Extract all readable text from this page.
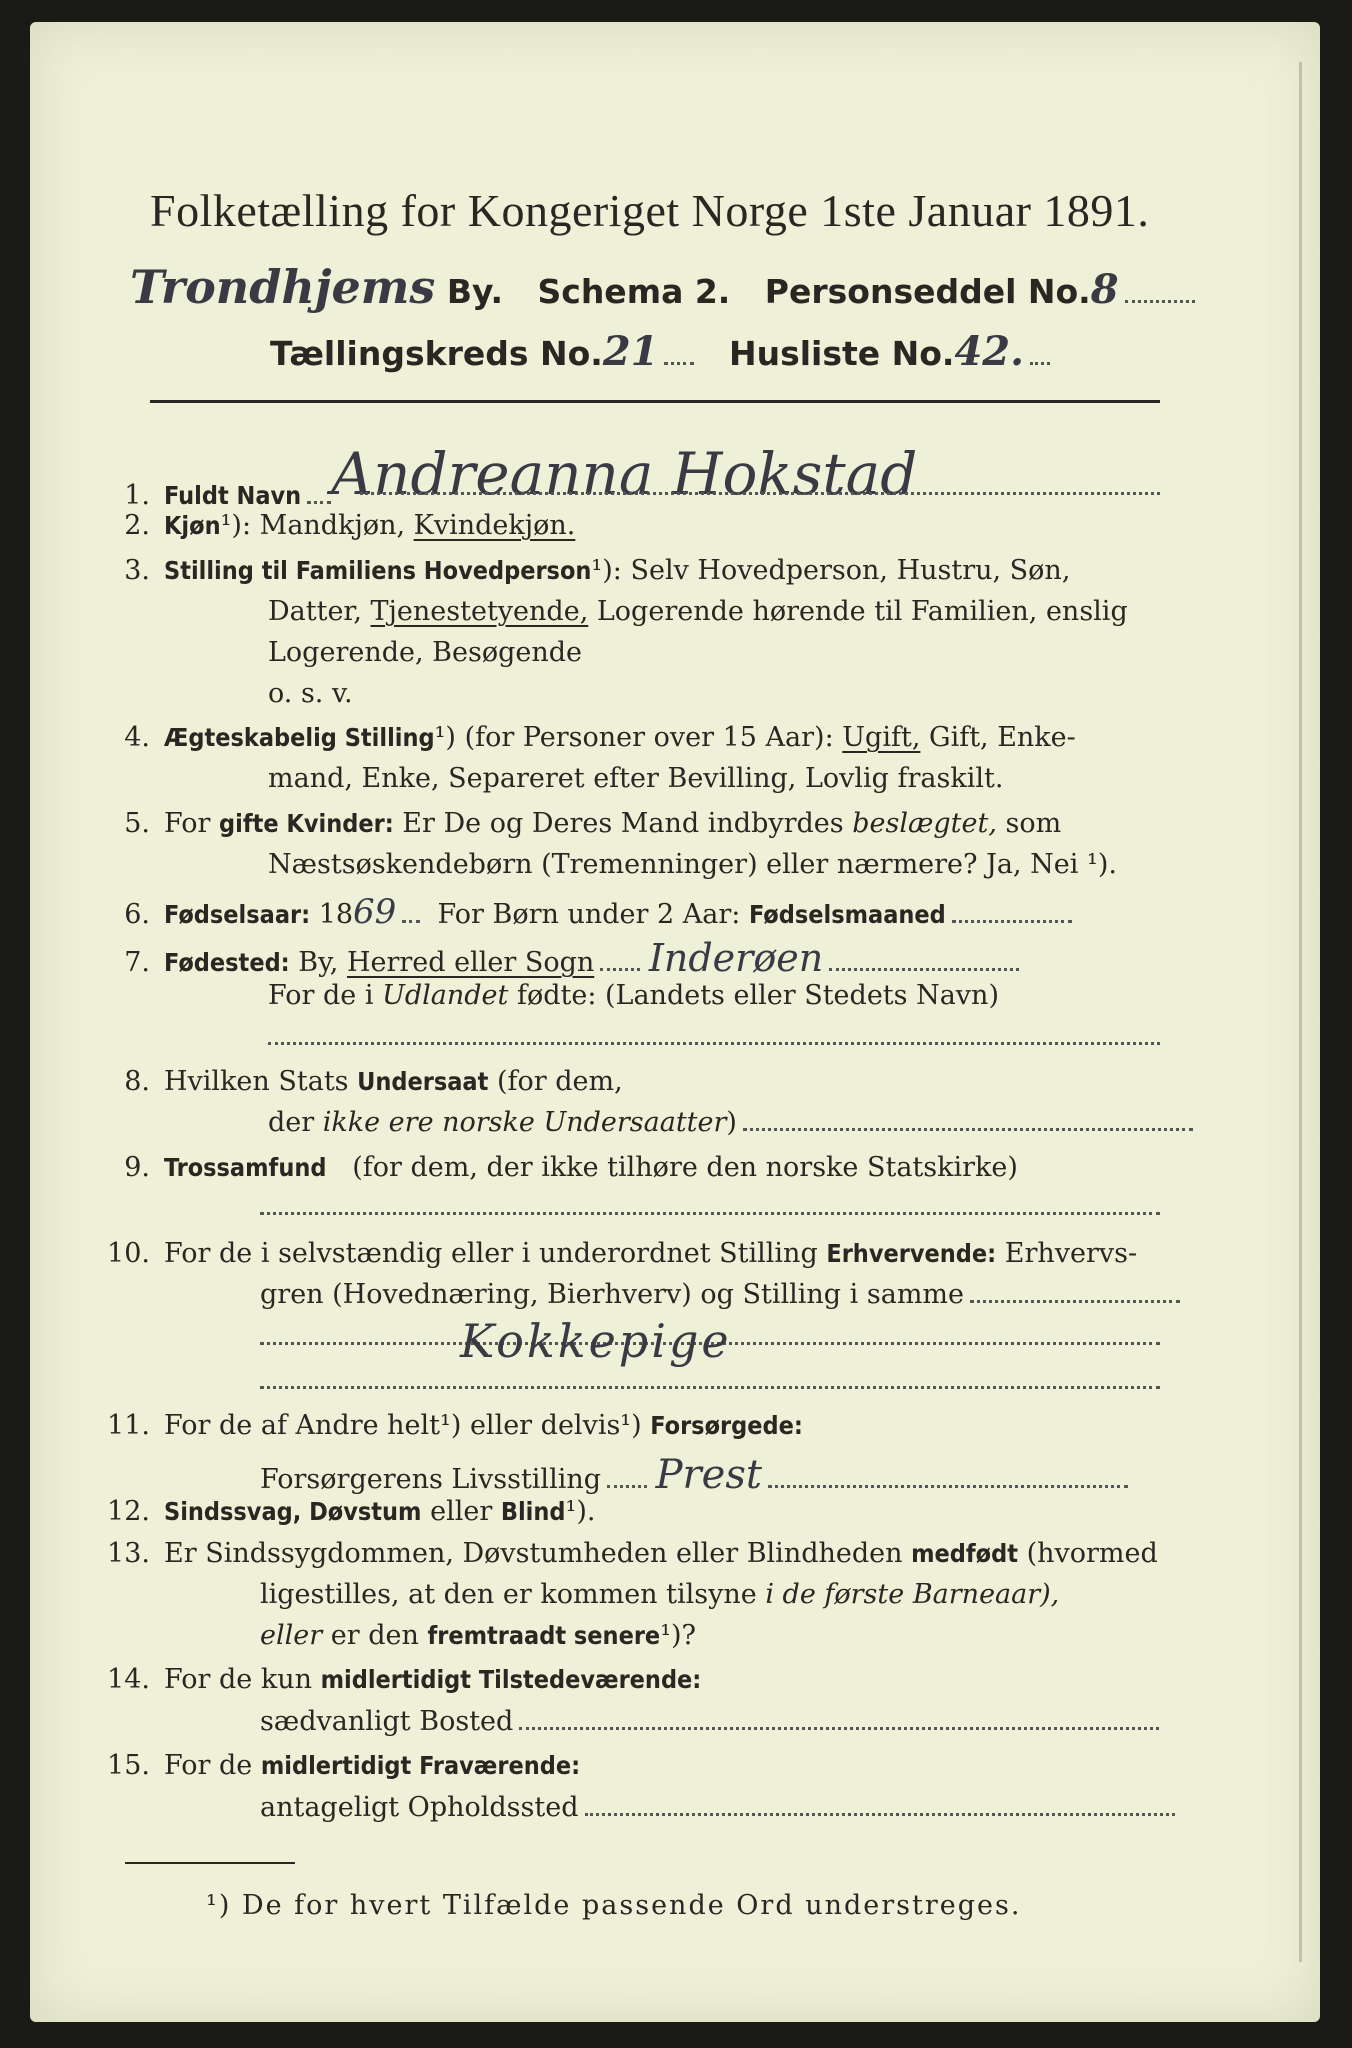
Folketælling for Kongeriget Norge 1ste Januar 1891.
Trondhjems By. Schema 2. Personseddel No.8
Tællingskreds No.21 Husliste No.42.
1. Fuldt Navn Andreanna Hokstad
2. Kjøn¹): Mandkjøn, Kvindekjøn.
3. Stilling til Familiens Hovedperson¹): Selv Hovedperson, Hustru, Søn,
Datter, Tjenestetyende, Logerende hørende til Familien, enslig
Logerende, Besøgende
o. s. v.
4. Ægteskabelig Stilling¹) (for Personer over 15 Aar): Ugift, Gift, Enke-
mand, Enke, Separeret efter Bevilling, Lovlig fraskilt.
5. For gifte Kvinder: Er De og Deres Mand indbyrdes beslægtet, som
Næstsøskendebørn (Tremenninger) eller nærmere? Ja, Nei ¹).
6. Fødselsaar: 1869 For Børn under 2 Aar: Fødselsmaaned
7. Fødested: By, Herred eller Sogn Inderøen
For de i Udlandet fødte: (Landets eller Stedets Navn)
8. Hvilken Stats Undersaat (for dem,
der ikke ere norske Undersaatter)
9. Trossamfund (for dem, der ikke tilhøre den norske Statskirke)
10. For de i selvstændig eller i underordnet Stilling Erhvervende: Erhvervs-
gren (Hovednæring, Bierhverv) og Stilling i samme
Kokkepige
11. For de af Andre helt¹) eller delvis¹) Forsørgede:
Forsørgerens Livsstilling Prest
12. Sindssvag, Døvstum eller Blind¹).
13. Er Sindssygdommen, Døvstumheden eller Blindheden medfødt (hvormed
ligestilles, at den er kommen tilsyne i de første Barneaar),
eller er den fremtraadt senere¹)?
14. For de kun midlertidigt Tilstedeværende:
sædvanligt Bosted
15. For de midlertidigt Fraværende:
antageligt Opholdssted
¹) De for hvert Tilfælde passende Ord understreges.
